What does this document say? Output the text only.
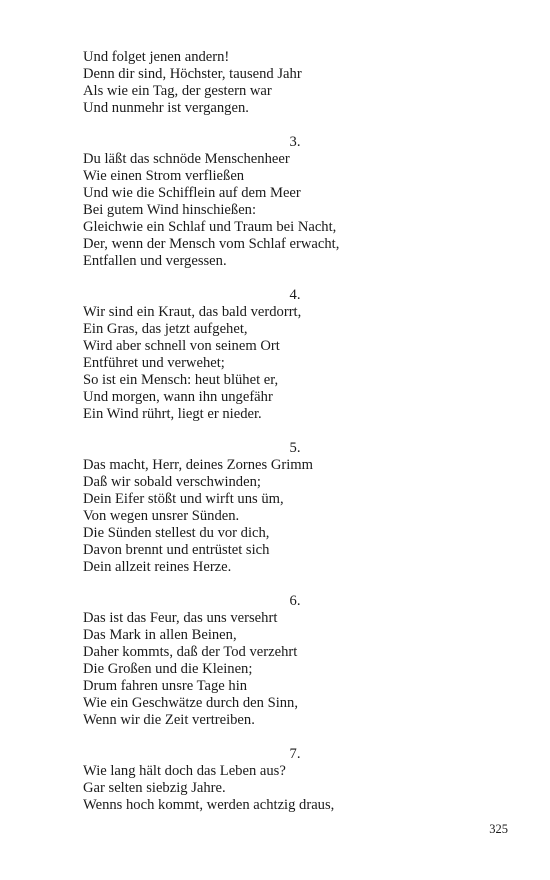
Und folget jenen andern!
Denn dir sind, Höchster, tausend Jahr
Als wie ein Tag, der gestern war
Und nunmehr ist vergangen.
3.
Du läßt das schnöde Menschenheer
Wie einen Strom verfließen
Und wie die Schifflein auf dem Meer
Bei gutem Wind hinschießen:
Gleichwie ein Schlaf und Traum bei Nacht,
Der, wenn der Mensch vom Schlaf erwacht,
Entfallen und vergessen.
4.
Wir sind ein Kraut, das bald verdorrt,
Ein Gras, das jetzt aufgehet,
Wird aber schnell von seinem Ort
Entführet und verwehet;
So ist ein Mensch: heut blühet er,
Und morgen, wann ihn ungefähr
Ein Wind rührt, liegt er nieder.
5.
Das macht, Herr, deines Zornes Grimm
Daß wir sobald verschwinden;
Dein Eifer stößt und wirft uns üm,
Von wegen unsrer Sünden.
Die Sünden stellest du vor dich,
Davon brennt und entrüstet sich
Dein allzeit reines Herze.
6.
Das ist das Feur, das uns versehrt
Das Mark in allen Beinen,
Daher kommts, daß der Tod verzehrt
Die Großen und die Kleinen;
Drum fahren unsre Tage hin
Wie ein Geschwätze durch den Sinn,
Wenn wir die Zeit vertreiben.
7.
Wie lang hält doch das Leben aus?
Gar selten siebzig Jahre.
Wenns hoch kommt, werden achtzig draus,
325
